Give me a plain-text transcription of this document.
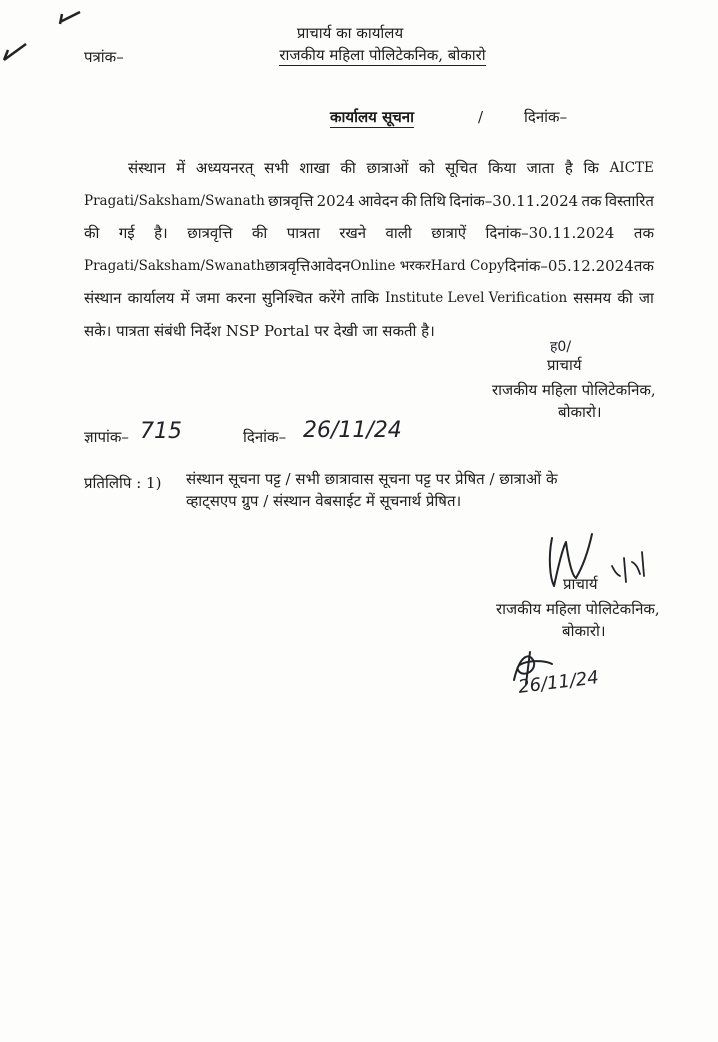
प्राचार्य का कार्यालय
राजकीय महिला पोलिटेकनिक, बोकारो
पत्रांक–
कार्यालय सूचना	/	दिनांक–
संस्थान में अध्ययनरत् सभी शाखा की छात्राओं को सूचित किया जाता है कि AICTE
Pragati/Saksham/Swanath छात्रवृत्ति 2024 आवेदन की तिथि दिनांक–30.11.2024 तक विस्तारित
की गई है। छात्रवृत्ति की पात्रता रखने वाली छात्राऐं दिनांक–30.11.2024 तक
Pragati/Saksham/Swanath छात्रवृत्ति आवेदन Online भरकर Hard Copy दिनांक–05.12.2024 तक
संस्थान कार्यालय में जमा करना सुनिश्चित करेंगे ताकि Institute Level Verification ससमय की जा
सके। पात्रता संबंधी निर्देश NSP Portal पर देखी जा सकती है।
ह0/
प्राचार्य
राजकीय महिला पोलिटेकनिक,
बोकारो।
ज्ञापांक– 715	दिनांक– 26/11/24
प्रतिलिपि : 1) संस्थान सूचना पट्ट / सभी छात्रावास सूचना पट्ट पर प्रेषित / छात्राओं के
व्हाट्सएप ग्रुप / संस्थान वेबसाईट में सूचनार्थ प्रेषित।
प्राचार्य
राजकीय महिला पोलिटेकनिक,
बोकारो।
26/11/24
